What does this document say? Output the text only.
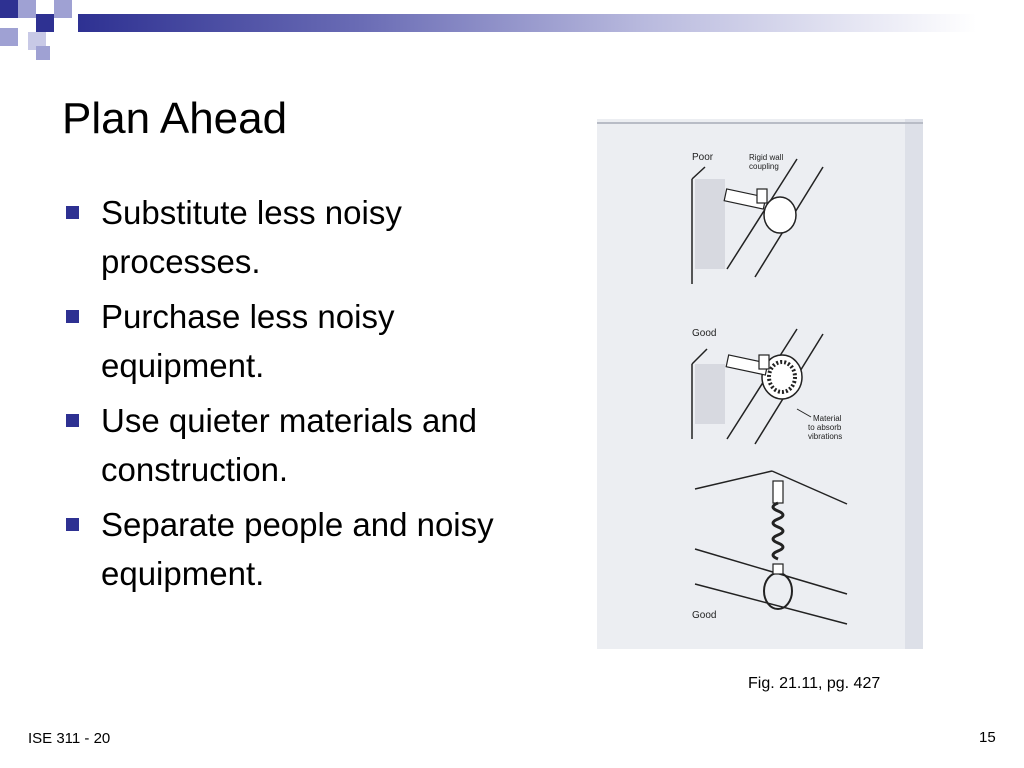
Plan Ahead
Substitute less noisy processes.
Purchase less noisy equipment.
Use quieter materials and construction.
Separate people and noisy equipment.
Poor	Rigid wall
coupling
Good
Material
to absorb
vibrations
Good
Fig. 21.11, pg. 427
ISE 311 - 20	15
